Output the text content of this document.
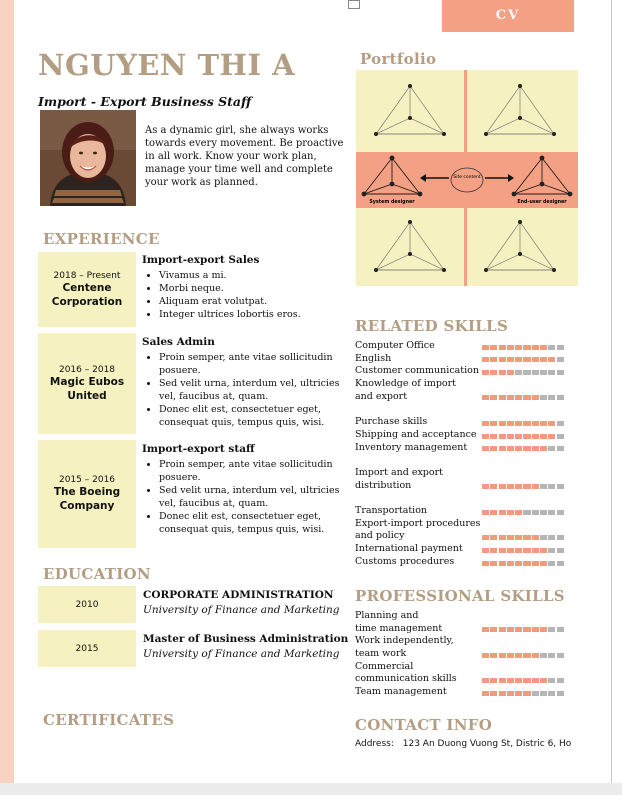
CV
NGUYEN THI A
Import - Export Business Staff
As a dynamic girl, she always works towards every movement. Be proactive in all work. Know your work plan, manage your time well and complete your work as planned.
EXPERIENCE
2018 – Present
Centene Corporation
Import-export Sales
• Vivamus a mi.
• Morbi neque.
• Aliquam erat volutpat.
• Integer ultrices lobortis eros.
2016 – 2018
Magic Eubos United
Sales Admin
• Proin semper, ante vitae sollicitudin posuere.
• Sed velit urna, interdum vel, ultricies vel, faucibus at, quam.
• Donec elit est, consectetuer eget, consequat quis, tempus quis, wisi.
2015 – 2016
The Boeing Company
Import-export staff
• Proin semper, ante vitae sollicitudin posuere.
• Sed velit urna, interdum vel, ultricies vel, faucibus at, quam.
• Donec elit est, consectetuer eget, consequat quis, tempus quis, wisi.
EDUCATION
2010
CORPORATE ADMINISTRATION
University of Finance and Marketing
2015
Master of Business Administration
University of Finance and Marketing
CERTIFICATES
Portfolio
Site content
System designer	End-user designer
RELATED SKILLS
Computer Office
English
Customer communication
Knowledge of import
and export
Purchase skills
Shipping and acceptance
Inventory management
Import and export
distribution
Transportation
Export-import procedures
and policy
International payment
Customs procedures
PROFESSIONAL SKILLS
Planning and
time management
Work independently,
team work
Commercial
communication skills
Team management
CONTACT INFO
Address: 123 An Duong Vuong St, Distric 6, Ho
